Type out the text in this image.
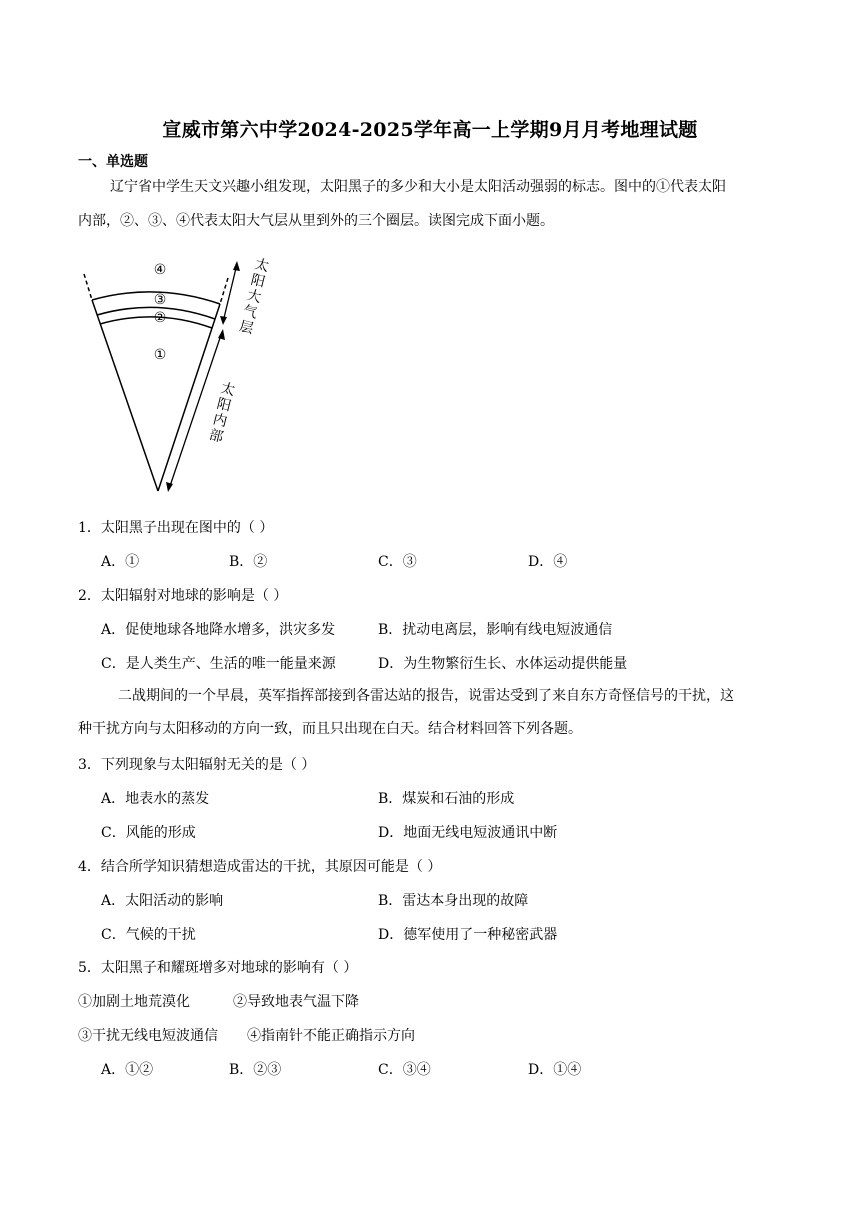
宣威市第六中学2024-2025学年高一上学期9月月考地理试题
一、单选题
辽宁省中学生天文兴趣小组发现，太阳黑子的多少和大小是太阳活动强弱的标志。图中的①代表太阳
内部，②、③、④代表太阳大气层从里到外的三个圈层。读图完成下面小题。
④
③
②
①
太
阳
大
气
层
太
阳
内
部
1．太阳黑子出现在图中的（ ）
A．①	B．②	C．③	D．④
2．太阳辐射对地球的影响是（ ）
A．促使地球各地降水增多，洪灾多发	B．扰动电离层，影响有线电短波通信
C．是人类生产、生活的唯一能量来源	D．为生物繁衍生长、水体运动提供能量
二战期间的一个早晨，英军指挥部接到各雷达站的报告，说雷达受到了来自东方奇怪信号的干扰，这
种干扰方向与太阳移动的方向一致，而且只出现在白天。结合材料回答下列各题。
3．下列现象与太阳辐射无关的是（ ）
A．地表水的蒸发	B．煤炭和石油的形成
C．风能的形成	D．地面无线电短波通讯中断
4．结合所学知识猜想造成雷达的干扰，其原因可能是（ ）
A．太阳活动的影响	B．雷达本身出现的故障
C．气候的干扰	D．德军使用了一种秘密武器
5．太阳黑子和耀斑增多对地球的影响有（ ）
①加剧土地荒漠化	②导致地表气温下降
③干扰无线电短波通信 ④指南针不能正确指示方向
A．①②	B．②③	C．③④	D．①④
